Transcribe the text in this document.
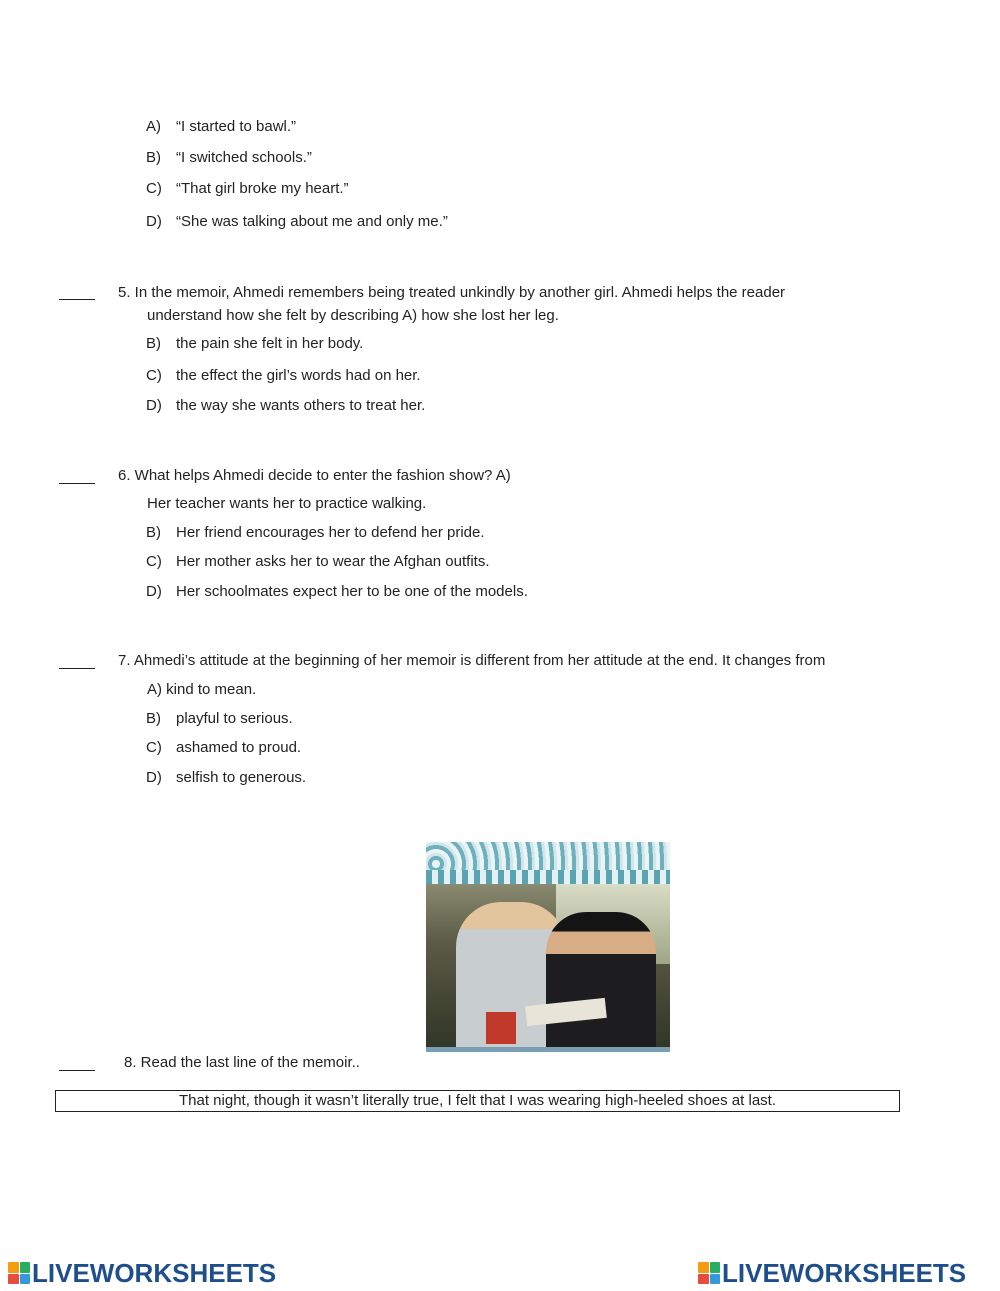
A) “I started to bawl.”
B) “I switched schools.”
C) “That girl broke my heart.”
D) “She was talking about me and only me.”
5. In the memoir, Ahmedi remembers being treated unkindly by another girl. Ahmedi helps the reader
understand how she felt by describing A) how she lost her leg.
B) the pain she felt in her body.
C) the effect the girl’s words had on her.
D) the way she wants others to treat her.
6. What helps Ahmedi decide to enter the fashion show? A)
Her teacher wants her to practice walking.
B) Her friend encourages her to defend her pride.
C) Her mother asks her to wear the Afghan outfits.
D) Her schoolmates expect her to be one of the models.
7. Ahmedi’s attitude at the beginning of her memoir is different from her attitude at the end. It changes from
A) kind to mean.
B) playful to serious.
C) ashamed to proud.
D) selfish to generous.
8. Read the last line of the memoir..
That night, though it wasn’t literally true, I felt that I was wearing high-heeled shoes at last.
LIVEWORKSHEETS	LIVEWORKSHEETS
